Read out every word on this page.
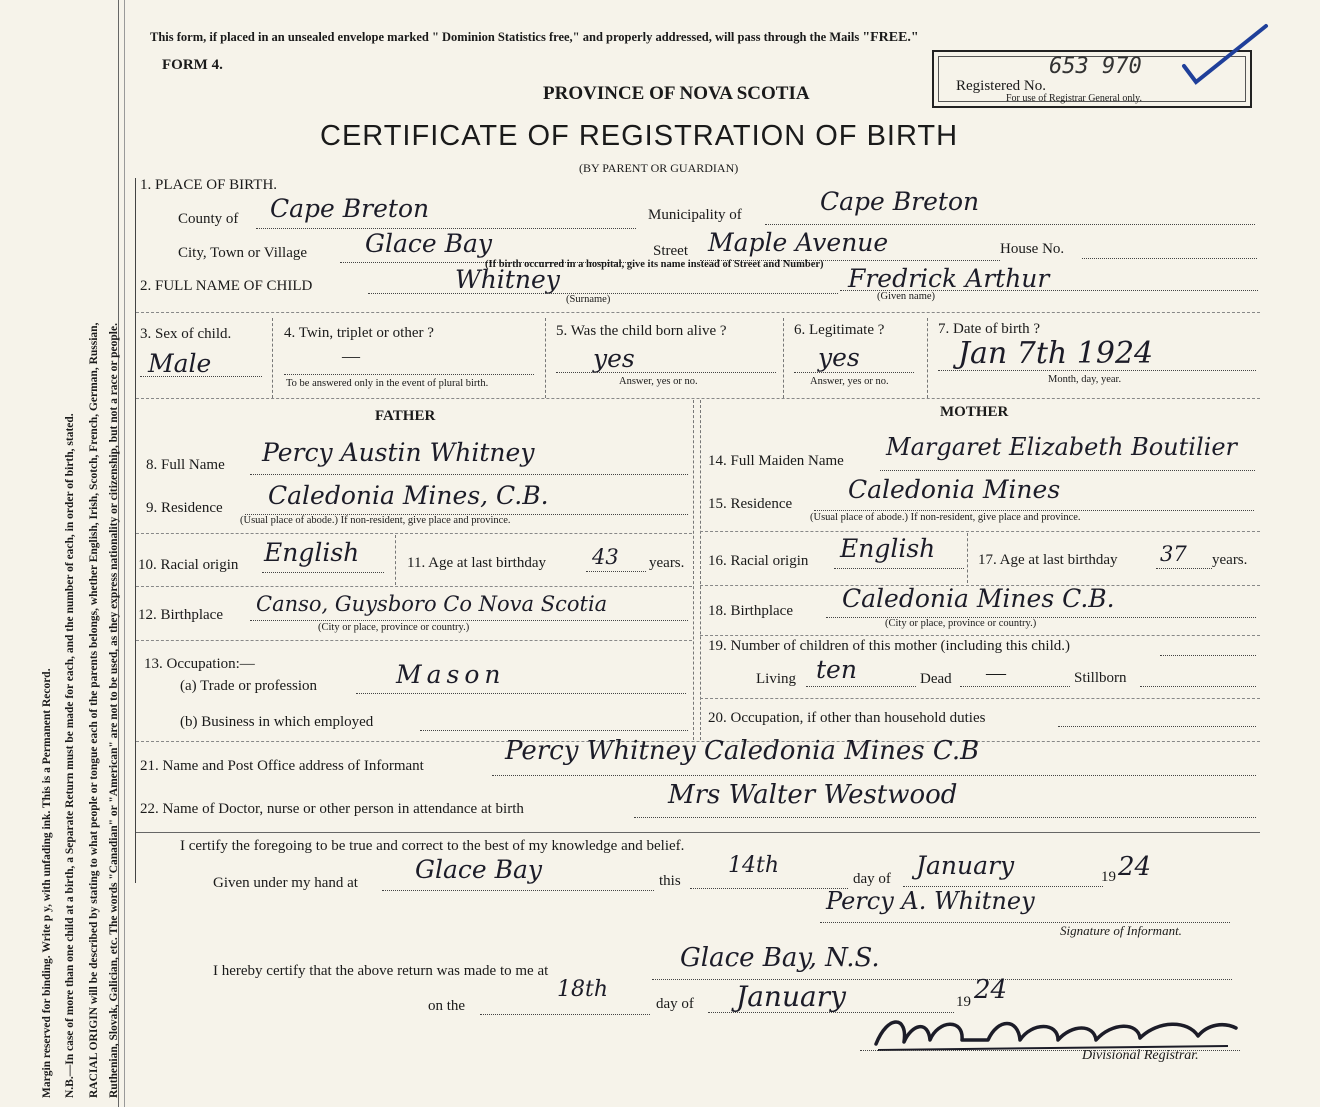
Margin reserved for binding. Write p y, with unfading ink. This is a Permanent Record. N.B.—In case of more than one child at a birth, a Separate Return must be made for each, and the number of each, in order of birth, stated. RACIAL ORIGIN will be described by stating to what people or tongue each of the parents belongs, whether English, Irish, Scotch, French, German, Russian, Ruthenian, Slovak, Galician, etc. The words "Canadian" or "American" are not to be used, as they express nationality or citizenship, but not a race or people.
This form, if placed in an unsealed envelope marked " Dominion Statistics free," and properly addressed, will pass through the Mails "FREE."
FORM 4.
PROVINCE OF NOVA SCOTIA
CERTIFICATE OF REGISTRATION OF BIRTH
(BY PARENT OR GUARDIAN)
Registered No.
653 970
For use of Registrar General only.
1. PLACE OF BIRTH.
County of Cape Breton	Municipality of	Cape Breton
City, Town or Village Glace Bay	Street Maple Avenue	House No.
(If birth occurred in a hospital, give its name instead of Street and Number)
2. FULL NAME OF CHILD	Whitney
(Surname)
Fredrick Arthur
(Given name)
3. Sex of child.
Male
4. Twin, triplet or other ?
—
To be answered only in the event of plural birth.
5. Was the child born alive ?
yes
Answer, yes or no.
6. Legitimate ?
yes
Answer, yes or no.
7. Date of birth ?
Jan 7th 1924
Month, day, year.
FATHER	MOTHER
8. Full Name Percy Austin Whitney
9. Residence Caledonia Mines, C.B.
(Usual place of abode.) If non-resident, give place and province.
10. Racial origin English	11. Age at last birthday 43 years.
12. Birthplace Canso, Guysboro Co Nova Scotia
(City or place, province or country.)
13. Occupation:—
(a) Trade or profession	Mason
(b) Business in which employed
14. Full Maiden Name Margaret Elizabeth Boutilier
15. Residence Caledonia Mines
(Usual place of abode.) If non-resident, give place and province.
16. Racial origin English	17. Age at last birthday 37 years.
18. Birthplace Caledonia Mines C.B.
(City or place, province or country.)
19. Number of children of this mother (including this child.)
Living ten	Dead —	Stillborn
20. Occupation, if other than household duties
21. Name and Post Office address of Informant	Percy Whitney Caledonia Mines C.B
22. Name of Doctor, nurse or other person in attendance at birth	Mrs Walter Westwood
I certify the foregoing to be true and correct to the best of my knowledge and belief.
Given under my hand at Glace Bay	this
14th
day of January	19 24
Percy A. Whitney
Signature of Informant.
I hereby certify that the above return was made to me at	Glace Bay, N.S.
on the
18th
day of January	19 24
Divisional Registrar.
